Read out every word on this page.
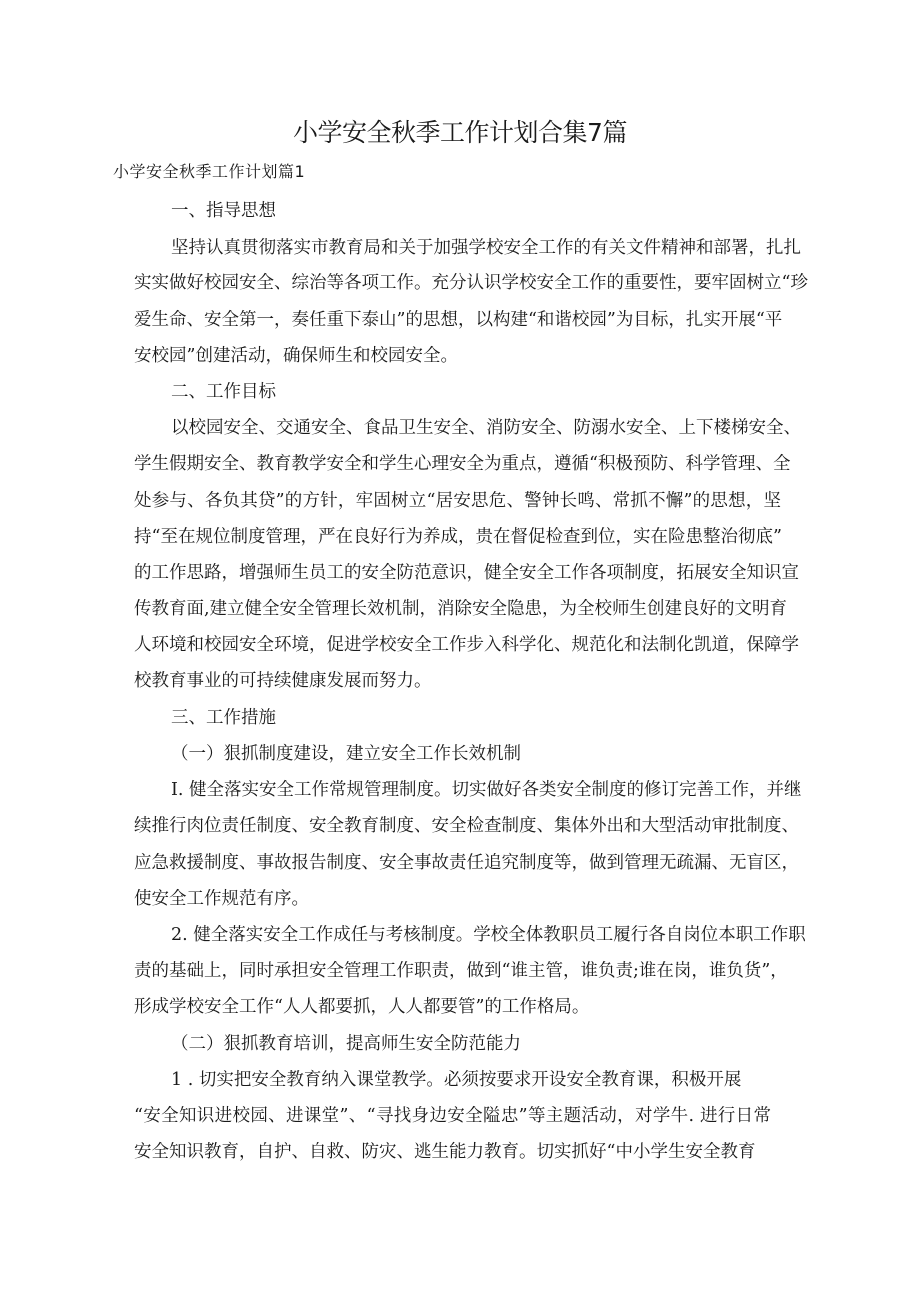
小学安全秋季工作计划合集7篇
小学安全秋季工作计划篇1
一、指导思想
坚持认真贯彻落实市教育局和关于加强学校安全工作的有关文件精神和部署，扎扎
实实做好校园安全、综治等各项工作。充分认识学校安全工作的重要性，要牢固树立“珍
爱生命、安全第一，奏任重下泰山”的思想，以构建“和谐校园”为目标，扎实开展“平
安校园”创建活动，确保师生和校园安全。
二、工作目标
以校园安全、交通安全、食品卫生安全、消防安全、防溺水安全、上下楼梯安全、
学生假期安全、教育教学安全和学生心理安全为重点，遵循“积极预防、科学管理、全
处参与、各负其贷”的方针，牢固树立“居安思危、警钟长鸣、常抓不懈”的思想，坚
持“至在规位制度管理，严在良好行为养成，贵在督促检查到位，实在险患整治彻底”
的工作思路，增强师生员工的安全防范意识，健全安全工作各项制度，拓展安全知识宣
传教育面,建立健全安全管理长效机制，消除安全隐患，为全校师生创建良好的文明育
人环境和校园安全环境，促进学校安全工作步入科学化、规范化和法制化凯道，保障学
校教育事业的可持续健康发展而努力。
三、工作措施
（一）狠抓制度建设，建立安全工作长效机制
I. 健全落实安全工作常规管理制度。切实做好各类安全制度的修订完善工作，并继
续推行肉位责任制度、安全教育制度、安全检查制度、集体外出和大型活动审批制度、
应急救援制度、事故报告制度、安全事故责任追究制度等，做到管理无疏漏、无盲区，
使安全工作规范有序。
2. 健全落实安全工作成任与考核制度。学校全体教职员工履行各自岗位本职工作职
责的基础上，同时承担安全管理工作职责，做到“谁主管，谁负责;谁在岗，谁负货”，
形成学校安全工作“人人都要抓，人人都要管”的工作格局。
（二）狠抓教育培训，提高师生安全防范能力
1 . 切实把安全教育纳入课堂教学。必须按要求开设安全教育课，积极开展
“安全知识进校园、进课堂”、“寻找身边安全隘忠”等主题活动，对学牛. 进行日常
安全知识教育，自护、自救、防灾、逃生能力教育。切实抓好“中小学生安全教育
